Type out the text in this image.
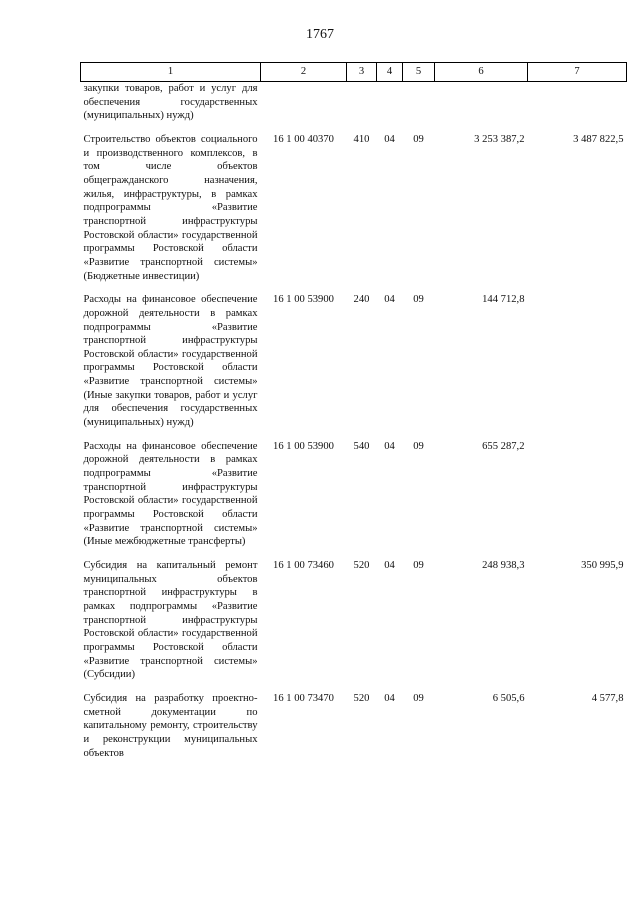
1767
1	2	3	4	5	6	7
закупки товаров, работ и услуг для обеспечения государственных (муниципальных) нужд)						

Строительство объектов социального и производственного комплексов, в том числе объектов общегражданского назначения, жилья, инфраструктуры, в рамках подпрограммы «Развитие транспортной инфраструктуры Ростовской области» государственной программы Ростовской области «Развитие транспортной системы» (Бюджетные инвестиции)	16 1 00 40370	410	04	09	3 253 387,2	3 487 822,5

Расходы на финансовое обеспечение дорожной деятельности в рамках подпрограммы «Развитие транспортной инфраструктуры Ростовской области» государственной программы Ростовской области «Развитие транспортной системы» (Иные закупки товаров, работ и услуг для обеспечения государственных (муниципальных) нужд)	16 1 00 53900	240	04	09	144 712,8	

Расходы на финансовое обеспечение дорожной деятельности в рамках подпрограммы «Развитие транспортной инфраструктуры Ростовской области» государственной программы Ростовской области «Развитие транспортной системы» (Иные межбюджетные трансферты)	16 1 00 53900	540	04	09	655 287,2	

Субсидия на капитальный ремонт муниципальных объектов транспортной инфраструктуры в рамках подпрограммы «Развитие транспортной инфраструктуры Ростовской области» государственной программы Ростовской области «Развитие транспортной системы» (Субсидии)	16 1 00 73460	520	04	09	248 938,3	350 995,9

Субсидия на разработку проектно-сметной документации по капитальному ремонту, строительству и реконструкции муниципальных объектов	16 1 00 73470	520	04	09	6 505,6	4 577,8
